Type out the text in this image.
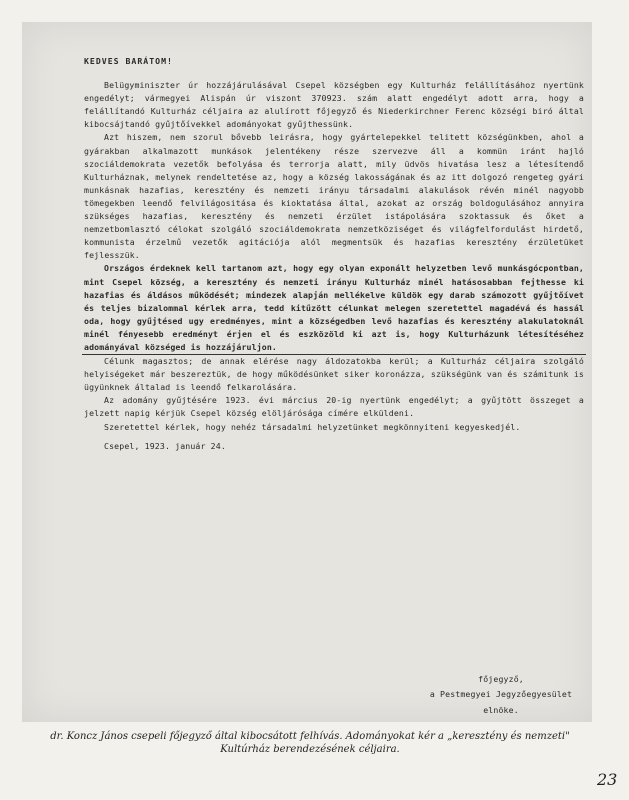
KEDVES BARÁTOM!

Belügyminiszter úr hozzájárulásával Csepel községben egy Kulturház felállításához nyertünk engedélyt; vármegyei Alispán úr viszont 370923. szám alatt engedélyt adott arra, hogy a felállítandó Kulturház céljaira az alulírott főjegyző és Niederkirchner Ferenc községi biró által kibocsájtandó gyűjtőívekkel adományokat gyűjthessünk.

Azt hiszem, nem szorul bővebb leirásra, hogy gyártelepekkel telitett községünkben, ahol a gyárakban alkalmazott munkások jelentékeny része szervezve áll a kommün iránt hajló szociáldemokrata vezetők befolyása és terrorja alatt, mily üdvös hivatása lesz a létesítendő Kulturháznak, melynek rendeltetése az, hogy a község lakosságának és az itt dolgozó rengeteg gyári munkásnak hazafias, keresztény és nemzeti irányu társadalmi alakulások révén minél nagyobb tömegekben leendő felvilágositása és kioktatása által, azokat az ország boldogulásához annyira szükséges hazafias, keresztény és nemzeti érzület istápolására szoktassuk és őket a nemzetbomlasztó célokat szolgáló szociáldemokrata nemzetköziséget és világfelfordulást hirdető, kommunista érzelmű vezetők agitációja alól megmentsük és hazafias keresztény érzületüket fejlesszük.

Országos érdeknek kell tartanom azt, hogy egy olyan exponált helyzetben levő munkásgócpontban, mint Csepel község, a keresztény és nemzeti irányu Kulturház minél hatásosabban fejthesse ki hazafias és áldásos működését; mindezek alapján mellékelve küldök egy darab számozott gyűjtőívet és teljes bizalommal kérlek arra, tedd kitűzött célunkat melegen szeretettel magadévá és hassál oda, hogy gyűjtésed ugy eredményes, mint a községedben levő hazafias és keresztény alakulatoknál minél fényesebb eredményt érjen el és eszközöld ki azt is, hogy Kulturházunk létesítéséhez adományával községed is hozzájáruljon.

Célunk magasztos; de annak elérése nagy áldozatokba kerül; a Kulturház céljaira szolgáló helyiségeket már beszereztük, de hogy működésünket siker koronázza, szükségünk van és számitunk is ügyünknek általad is leendő felkarolására.

Az adomány gyűjtésére 1923. évi március 20-ig nyertünk engedélyt; a gyűjtött összeget a jelzett napig kérjük Csepel község elöljárósága címére elküldeni.

Szeretettel kérlek, hogy nehéz társadalmi helyzetünket megkönnyiteni kegyeskedjél.

Csepel, 1923. január 24.

főjegyző,
a Pestmegyei Jegyzőegyesület
elnöke.
dr. Koncz János csepeli főjegyző által kibocsátott felhívás. Adományokat kér a „keresztény és nemzeti" Kultúrház berendezésének céljaira.
23
